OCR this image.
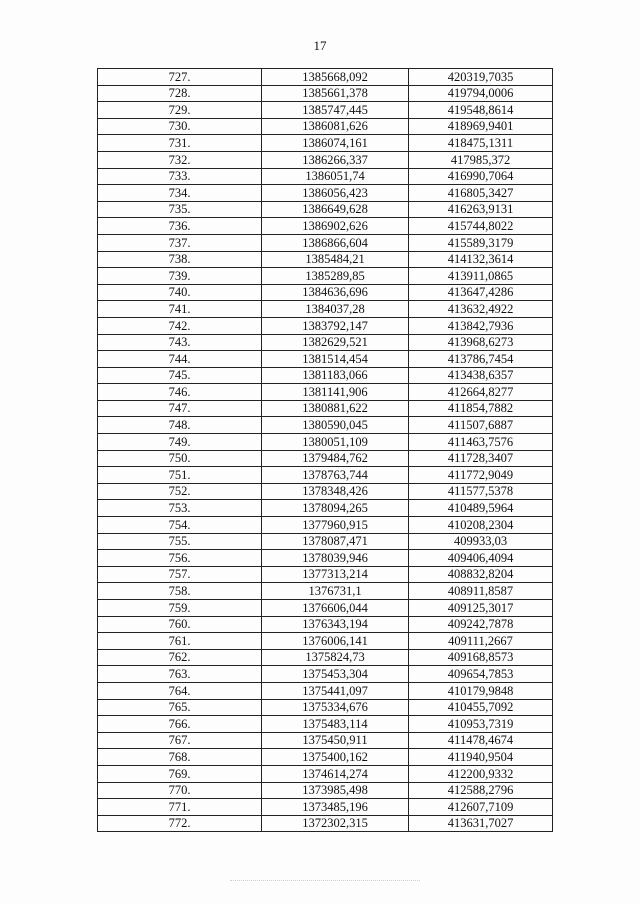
17
727.	1385668,092	420319,7035
728.	1385661,378	419794,0006
729.	1385747,445	419548,8614
730.	1386081,626	418969,9401
731.	1386074,161	418475,1311
732.	1386266,337	417985,372
733.	1386051,74	416990,7064
734.	1386056,423	416805,3427
735.	1386649,628	416263,9131
736.	1386902,626	415744,8022
737.	1386866,604	415589,3179
738.	1385484,21	414132,3614
739.	1385289,85	413911,0865
740.	1384636,696	413647,4286
741.	1384037,28	413632,4922
742.	1383792,147	413842,7936
743.	1382629,521	413968,6273
744.	1381514,454	413786,7454
745.	1381183,066	413438,6357
746.	1381141,906	412664,8277
747.	1380881,622	411854,7882
748.	1380590,045	411507,6887
749.	1380051,109	411463,7576
750.	1379484,762	411728,3407
751.	1378763,744	411772,9049
752.	1378348,426	411577,5378
753.	1378094,265	410489,5964
754.	1377960,915	410208,2304
755.	1378087,471	409933,03
756.	1378039,946	409406,4094
757.	1377313,214	408832,8204
758.	1376731,1	408911,8587
759.	1376606,044	409125,3017
760.	1376343,194	409242,7878
761.	1376006,141	409111,2667
762.	1375824,73	409168,8573
763.	1375453,304	409654,7853
764.	1375441,097	410179,9848
765.	1375334,676	410455,7092
766.	1375483,114	410953,7319
767.	1375450,911	411478,4674
768.	1375400,162	411940,9504
769.	1374614,274	412200,9332
770.	1373985,498	412588,2796
771.	1373485,196	412607,7109
772.	1372302,315	413631,7027
